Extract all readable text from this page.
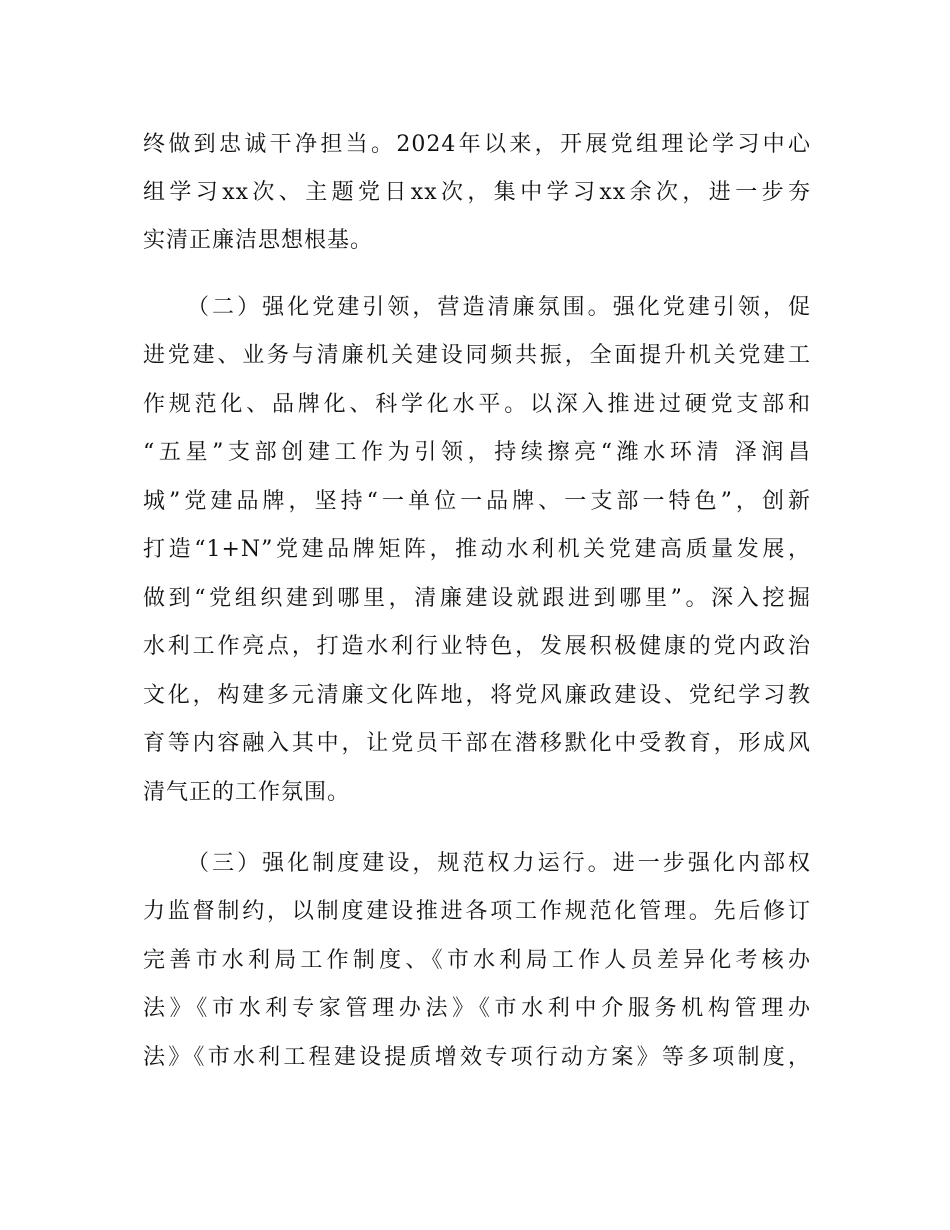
终做到忠诚干净担当。2024年以来，开展党组理论学习中心
组学习xx次、主题党日xx次，集中学习xx余次，进一步夯
实清正廉洁思想根基。
（二）强化党建引领，营造清廉氛围。强化党建引领，促
进党建、业务与清廉机关建设同频共振，全面提升机关党建工
作规范化、品牌化、科学化水平。以深入推进过硬党支部和
“五星”支部创建工作为引领，持续擦亮“潍水环清 泽润昌
城”党建品牌，坚持“一单位一品牌、一支部一特色”，创新
打造“1+N”党建品牌矩阵，推动水利机关党建高质量发展，
做到“党组织建到哪里，清廉建设就跟进到哪里”。深入挖掘
水利工作亮点，打造水利行业特色，发展积极健康的党内政治
文化，构建多元清廉文化阵地，将党风廉政建设、党纪学习教
育等内容融入其中，让党员干部在潜移默化中受教育，形成风
清气正的工作氛围。
（三）强化制度建设，规范权力运行。进一步强化内部权
力监督制约，以制度建设推进各项工作规范化管理。先后修订
完善市水利局工作制度、《市水利局工作人员差异化考核办
法》《市水利专家管理办法》《市水利中介服务机构管理办
法》《市水利工程建设提质增效专项行动方案》等多项制度，
